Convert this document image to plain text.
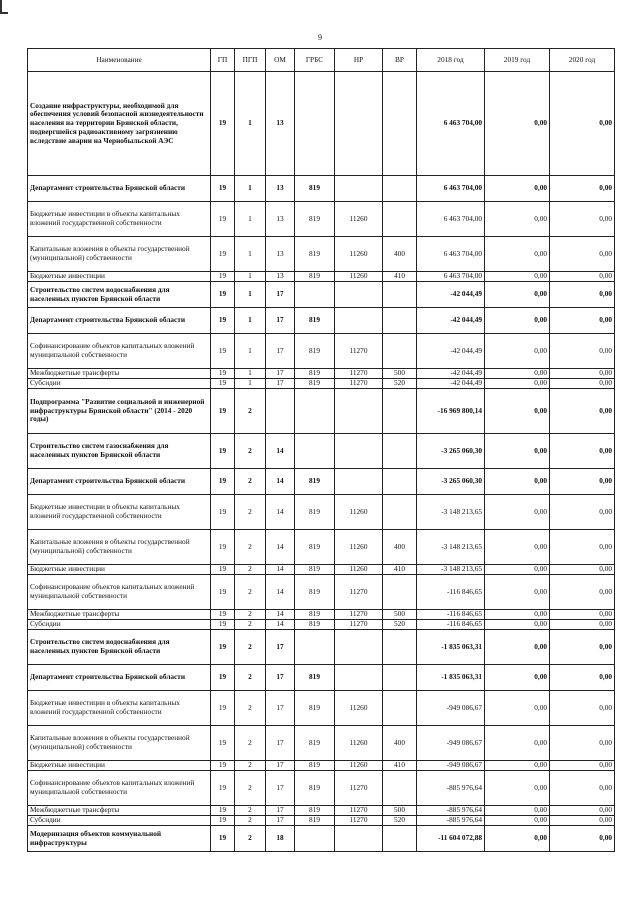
9
Наименование	ГП	ПГП	ОМ	ГРБС	НР	ВР	2018 год	2019 год	2020 год
Создание инфраструктуры, необходимой для обеспечения условий безопасной жизнедеятельности населения на территории Брянской области, подвергшейся радиоактивному загрязнению вследствие аварии на Чернобыльской АЭС	19	1	13				6 463 704,00	0,00	0,00
Департамент строительства Брянской области	19	1	13	819			6 463 704,00	0,00	0,00
Бюджетные инвестиции в объекты капитальных вложений государственной собственности	19	1	13	819	11260		6 463 704,00	0,00	0,00
Капитальные вложения в объекты государственной (муниципальной) собственности	19	1	13	819	11260	400	6 463 704,00	0,00	0,00
Бюджетные инвестиции	19	1	13	819	11260	410	6 463 704,00	0,00	0,00
Строительство систем водоснабжения для населенных пунктов Брянской области	19	1	17				-42 044,49	0,00	0,00
Департамент строительства Брянской области	19	1	17	819			-42 044,49	0,00	0,00
Софинансирование объектов капитальных вложений муниципальной собственности	19	1	17	819	11270		-42 044,49	0,00	0,00
Межбюджетные трансферты	19	1	17	819	11270	500	-42 044,49	0,00	0,00
Субсидии	19	1	17	819	11270	520	-42 044,49	0,00	0,00
Подпрограмма "Развитие социальной и инженерной инфраструктуры Брянской области" (2014 - 2020 годы)	19	2					-16 969 800,14	0,00	0,00
Строительство систем газоснабжения для населенных пунктов Брянской области	19	2	14				-3 265 060,30	0,00	0,00
Департамент строительства Брянской области	19	2	14	819			-3 265 060,30	0,00	0,00
Бюджетные инвестиции в объекты капитальных вложений государственной собственности	19	2	14	819	11260		-3 148 213,65	0,00	0,00
Капитальные вложения в объекты государственной (муниципальной) собственности	19	2	14	819	11260	400	-3 148 213,65	0,00	0,00
Бюджетные инвестиции	19	2	14	819	11260	410	-3 148 213,65	0,00	0,00
Софинансирование объектов капитальных вложений муниципальной собственности	19	2	14	819	11270		-116 846,65	0,00	0,00
Межбюджетные трансферты	19	2	14	819	11270	500	-116 846,65	0,00	0,00
Субсидии	19	2	14	819	11270	520	-116 846,65	0,00	0,00
Строительство систем водоснабжения для населенных пунктов Брянской области	19	2	17				-1 835 063,31	0,00	0,00
Департамент строительства Брянской области	19	2	17	819			-1 835 063,31	0,00	0,00
Бюджетные инвестиции в объекты капитальных вложений государственной собственности	19	2	17	819	11260		-949 086,67	0,00	0,00
Капитальные вложения в объекты государственной (муниципальной) собственности	19	2	17	819	11260	400	-949 086,67	0,00	0,00
Бюджетные инвестиции	19	2	17	819	11260	410	-949 086,67	0,00	0,00
Софинансирование объектов капитальных вложений муниципальной собственности	19	2	17	819	11270		-885 976,64	0,00	0,00
Межбюджетные трансферты	19	2	17	819	11270	500	-885 976,64	0,00	0,00
Субсидии	19	2	17	819	11270	520	-885 976,64	0,00	0,00
Модернизация объектов коммунальной инфраструктуры	19	2	18				-11 604 072,88	0,00	0,00
